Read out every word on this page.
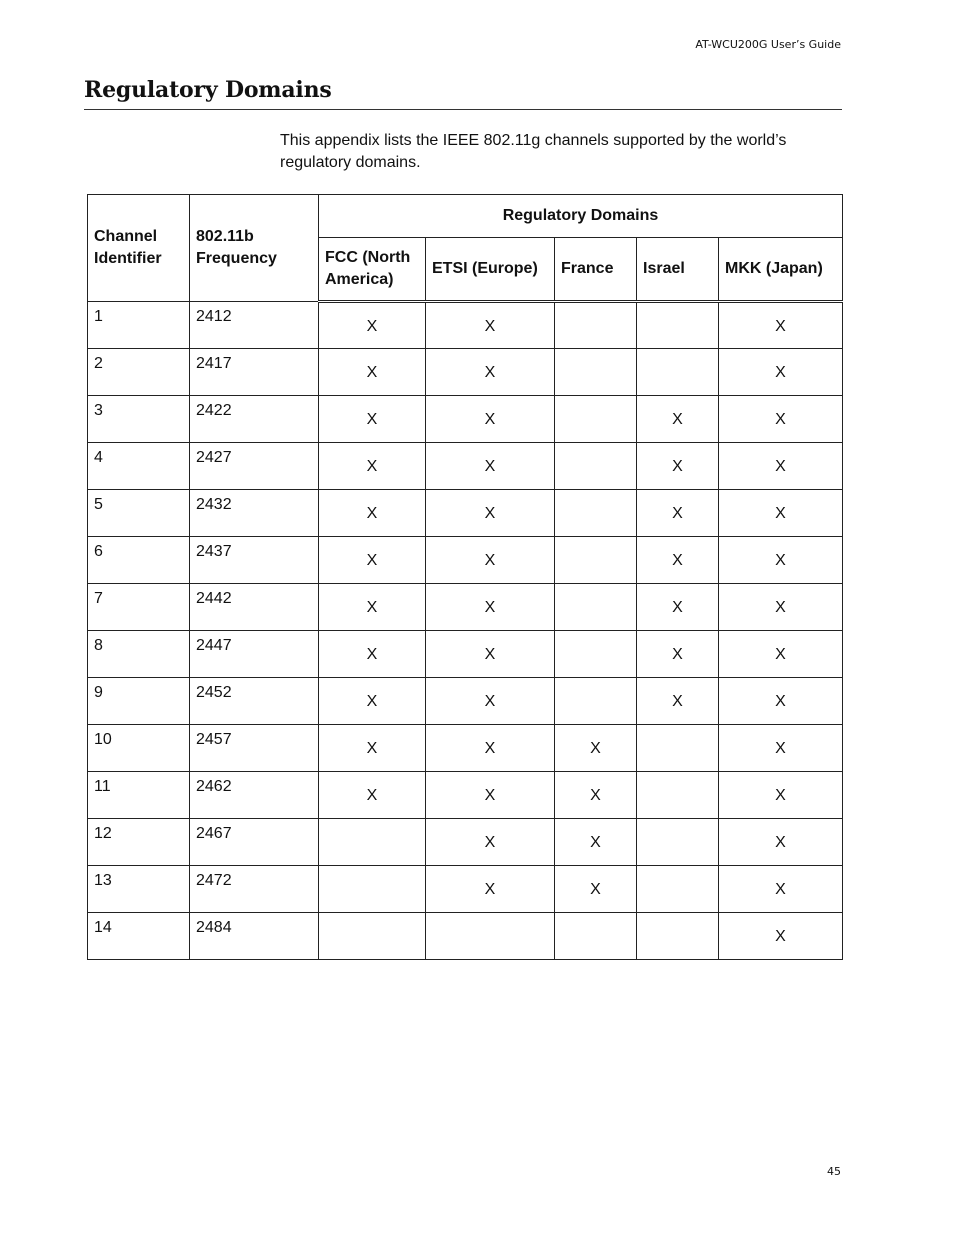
AT-WCU200G User’s Guide
Regulatory Domains

This appendix lists the IEEE 802.11g channels supported by the world’s regulatory domains.

Channel Identifier	802.11b Frequency	Regulatory Domains				
		FCC (North America)	ETSI (Europe)	France	Israel	MKK (Japan)
1	2412	X	X			X
2	2417	X	X			X
3	2422	X	X		X	X
4	2427	X	X		X	X
5	2432	X	X		X	X
6	2437	X	X		X	X
7	2442	X	X		X	X
8	2447	X	X		X	X
9	2452	X	X		X	X
10	2457	X	X	X		X
11	2462	X	X	X		X
12	2467		X	X		X
13	2472		X	X		X
14	2484					X
45
